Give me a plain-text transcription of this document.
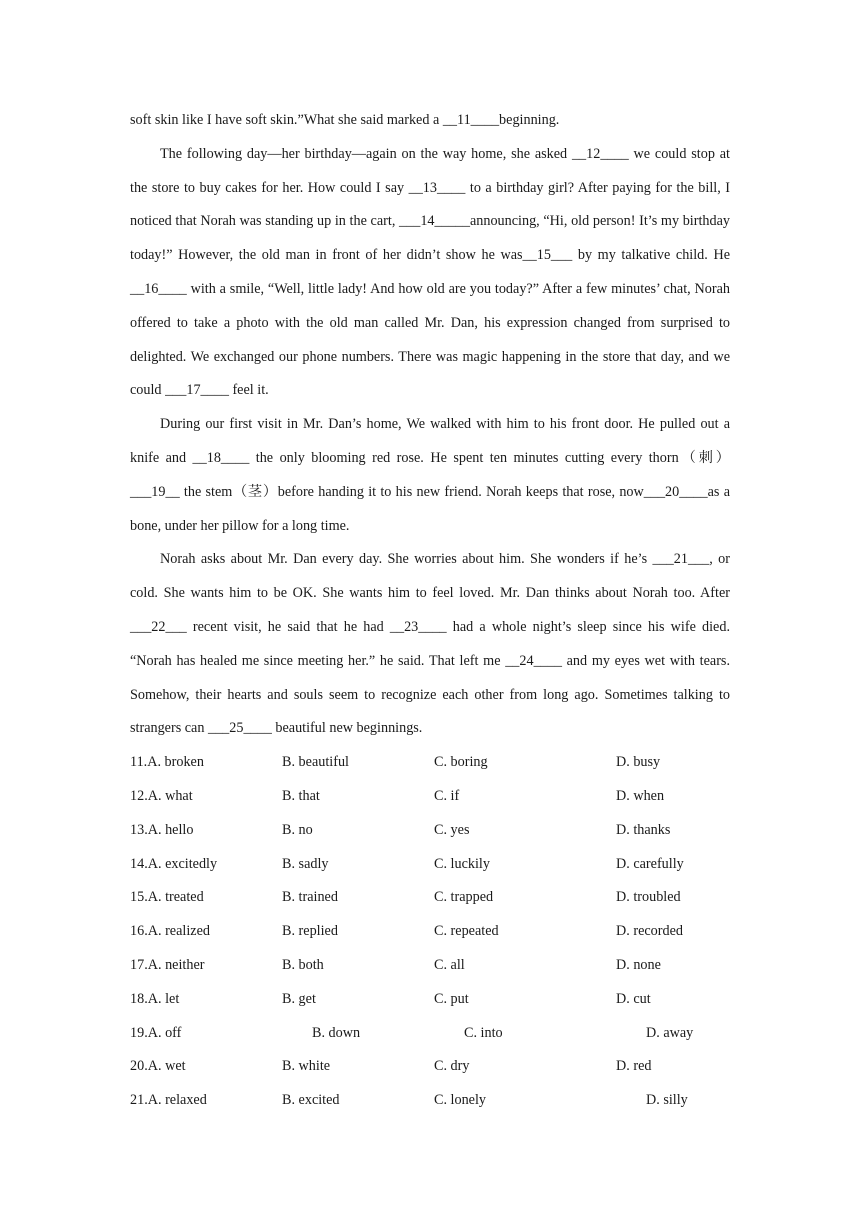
soft skin like I have soft skin.”What she said marked a __11____beginning.

The following day—her birthday—again on the way home, she asked __12____ we could stop at the store to buy cakes for her. How could I say __13____ to a birthday girl? After paying for the bill, I noticed that Norah was standing up in the cart, ___14_____announcing, “Hi, old person! It’s my birthday today!” However, the old man in front of her didn’t show he was__15___ by my talkative child. He __16____ with a smile, “Well, little lady! And how old are you today?” After a few minutes’ chat, Norah offered to take a photo with the old man called Mr. Dan, his expression changed from surprised to delighted. We exchanged our phone numbers. There was magic happening in the store that day, and we could ___17____ feel it.

During our first visit in Mr. Dan’s home, We walked with him to his front door. He pulled out a knife and __18____ the only blooming red rose. He spent ten minutes cutting every thorn（刺）___19__ the stem（茎）before handing it to his new friend. Norah keeps that rose, now___20____as a bone, under her pillow for a long time.

Norah asks about Mr. Dan every day. She worries about him. She wonders if he’s ___21___, or cold. She wants him to be OK. She wants him to feel loved. Mr. Dan thinks about Norah too. After ___22___ recent visit, he said that he had __23____ had a whole night’s sleep since his wife died. “Norah has healed me since meeting her.” he said. That left me __24____ and my eyes wet with tears. Somehow, their hearts and souls seem to recognize each other from long ago. Sometimes talking to strangers can ___25____ beautiful new beginnings.

11.A. broken	B. beautiful	C. boring	D. busy
12.A. what	B. that	C. if	D. when
13.A. hello	B. no	C. yes	D. thanks
14.A. excitedly	B. sadly	C. luckily	D. carefully
15.A. treated	B. trained	C. trapped	D. troubled
16.A. realized	B. replied	C. repeated	D. recorded
17.A. neither	B. both	C. all	D. none
18.A. let	B. get	C. put	D. cut
19.A. off	B. down	C. into	D. away
20.A. wet	B. white	C. dry	D. red
21.A. relaxed	B. excited	C. lonely	D. silly
